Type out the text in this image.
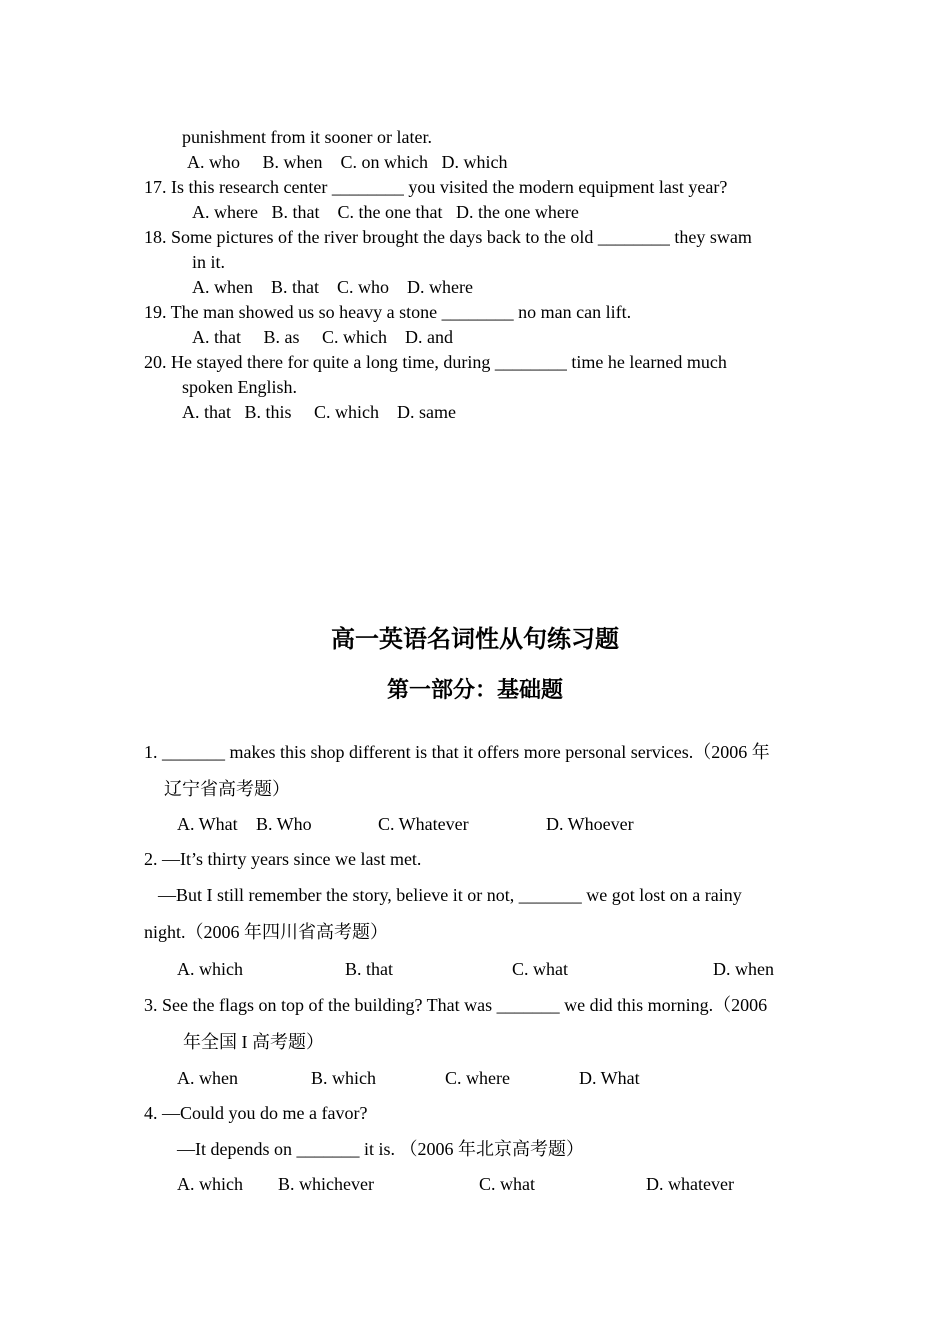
punishment from it sooner or later.
A. who     B. when    C. on which   D. which
17. Is this research center ________ you visited the modern equipment last year?
A. where   B. that    C. the one that   D. the one where
18. Some pictures of the river brought the days back to the old ________ they swam
in it.
A. when    B. that    C. who    D. where
19. The man showed us so heavy a stone ________ no man can lift.
A. that     B. as     C. which    D. and
20. He stayed there for quite a long time, during ________ time he learned much
spoken English.
A. that   B. this     C. which    D. same
高一英语名词性从句练习题
第一部分：基础题
1. _______ makes this shop different is that it offers more personal services.（2006 年
辽宁省高考题）
A. What B. Who	C. Whatever	D. Whoever
2. —It’s thirty years since we last met.
—But I still remember the story, believe it or not, _______ we got lost on a rainy
night.（2006 年四川省高考题）
A. which	B. that	C. what	D. when
3. See the flags on top of the building? That was _______ we did this morning.（2006
年全国 I 高考题）
A. when	B. which	C. where	D. What
4. —Could you do me a favor?
—It depends on _______ it is. （2006 年北京高考题）
A. which B. whichever	C. what	D. whatever
